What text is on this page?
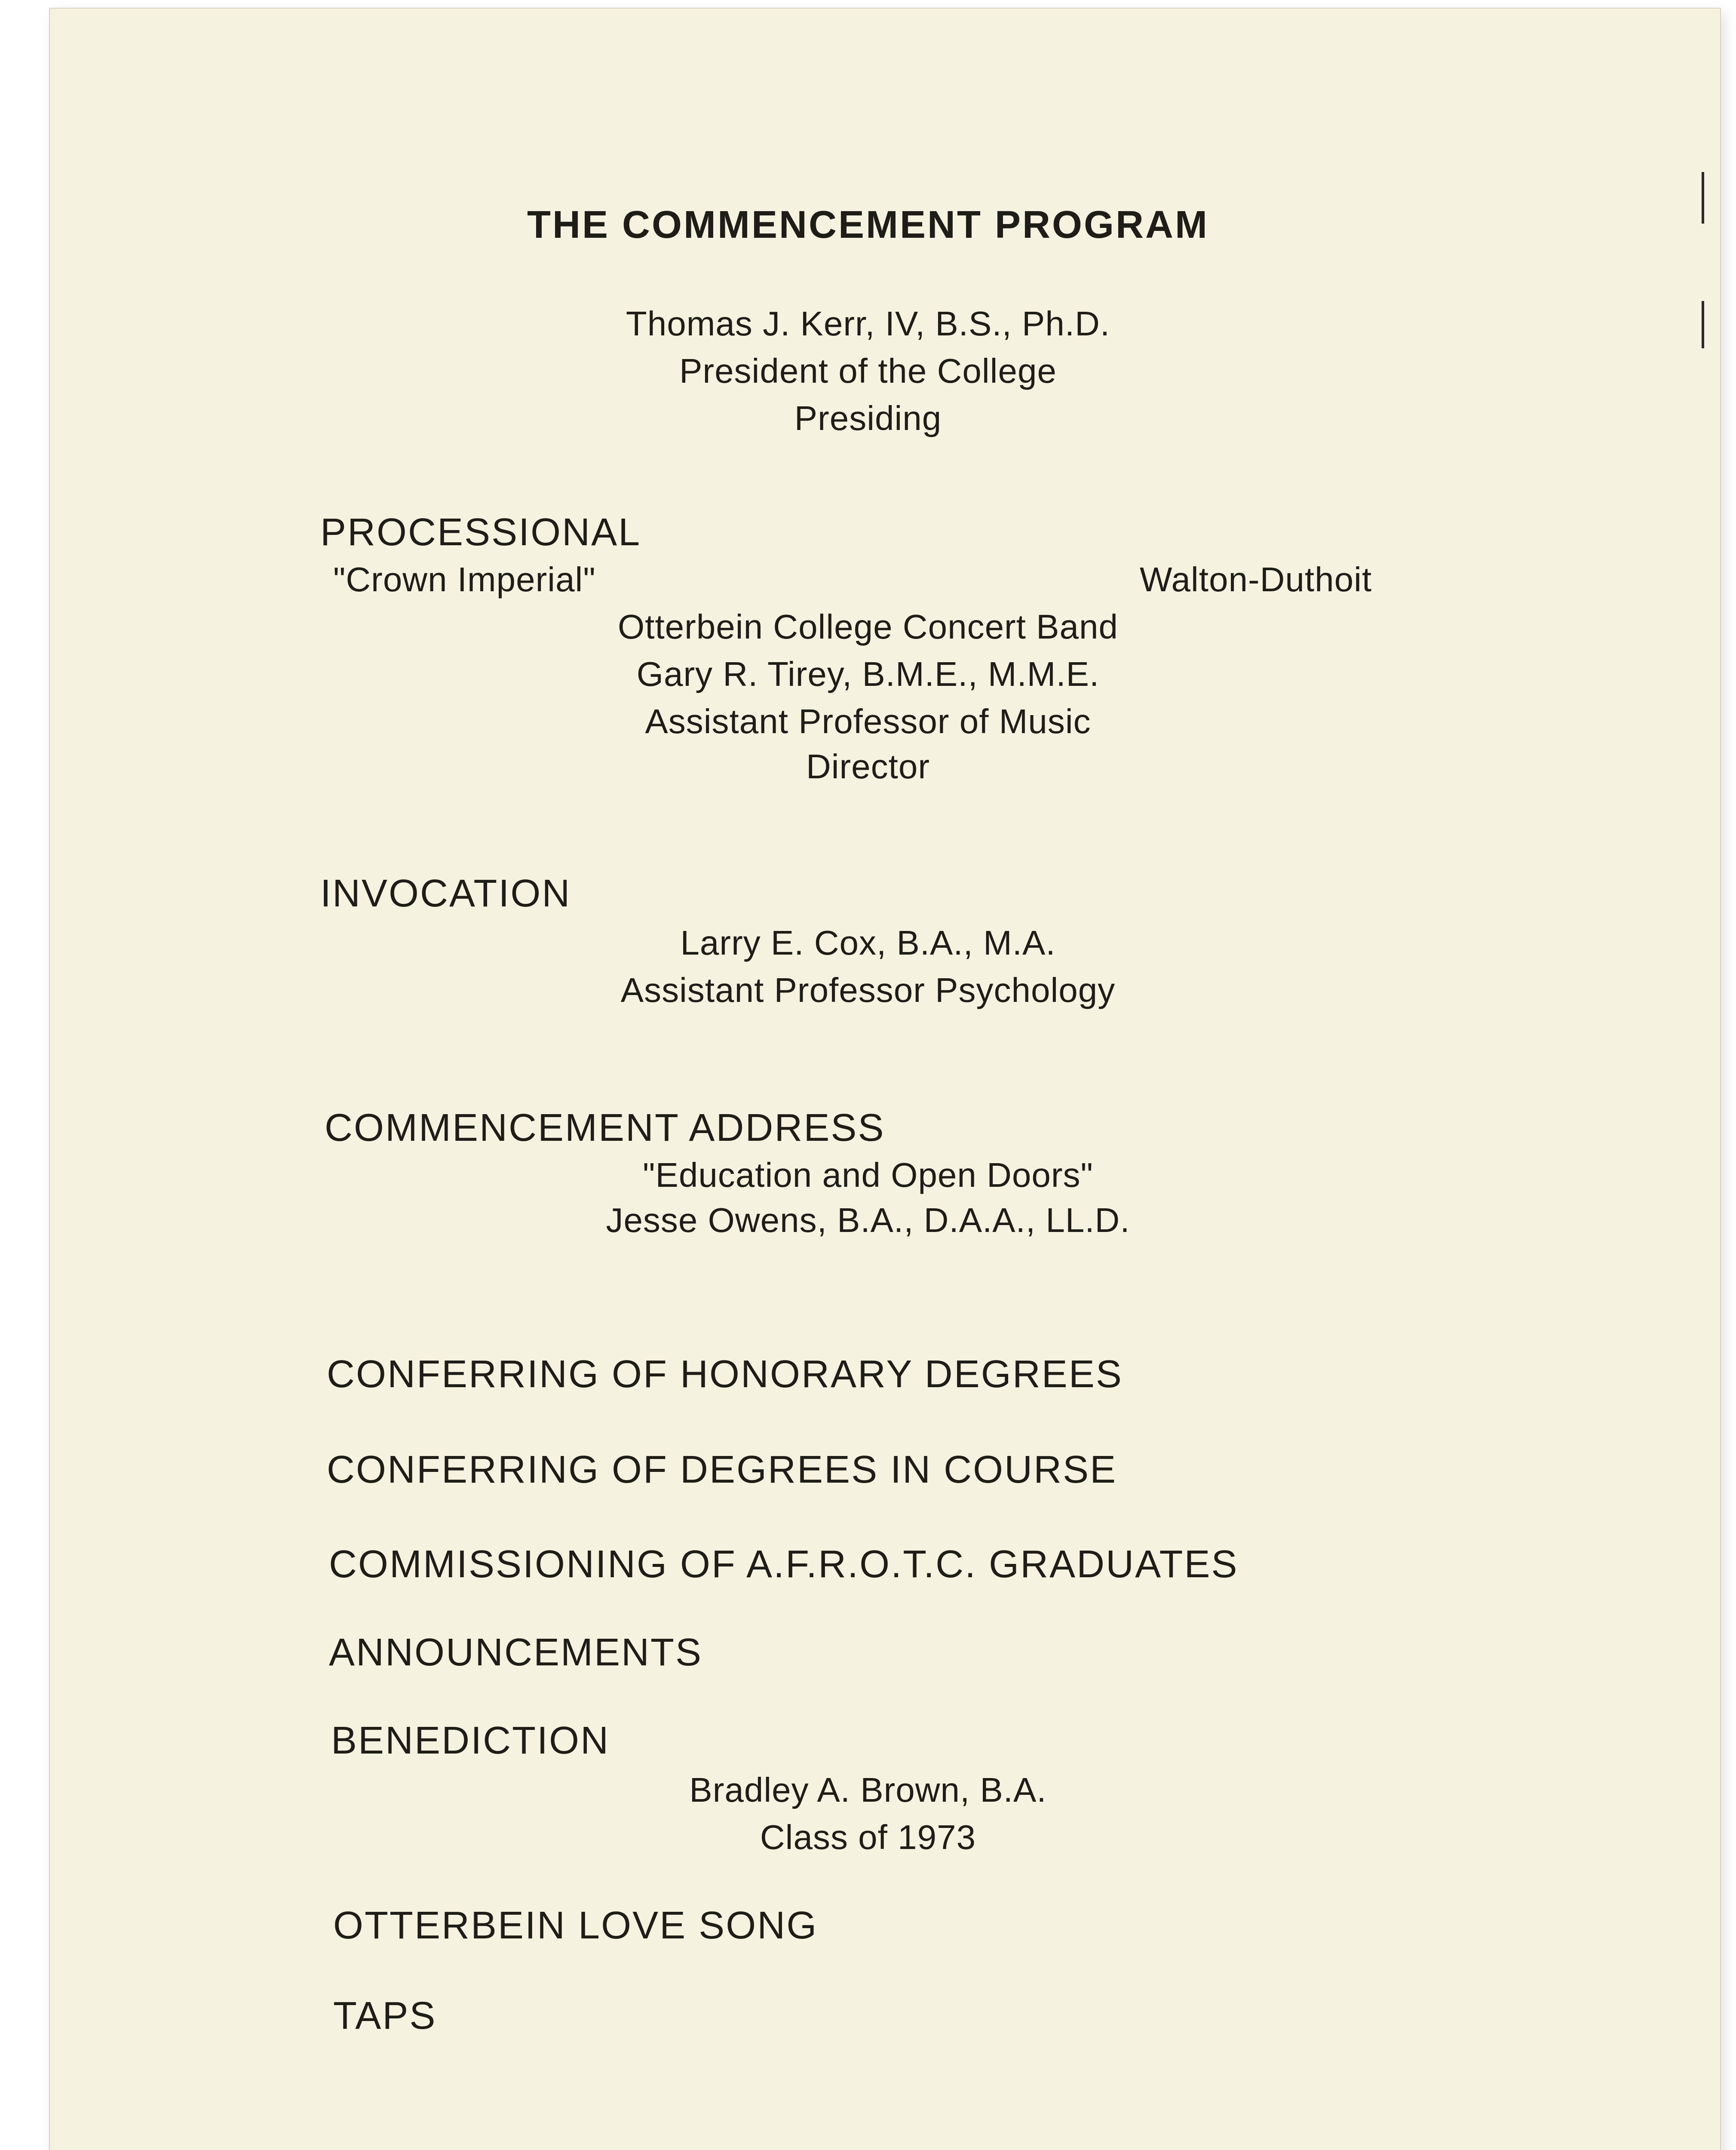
THE COMMENCEMENT PROGRAM
Thomas J. Kerr, IV, B.S., Ph.D.
President of the College
Presiding
PROCESSIONAL
"Crown Imperial"	Walton-Duthoit
Otterbein College Concert Band
Gary R. Tirey, B.M.E., M.M.E.
Assistant Professor of Music
Director
INVOCATION
Larry E. Cox, B.A., M.A.
Assistant Professor Psychology
COMMENCEMENT ADDRESS
"Education and Open Doors"
Jesse Owens, B.A., D.A.A., LL.D.
CONFERRING OF HONORARY DEGREES
CONFERRING OF DEGREES IN COURSE
COMMISSIONING OF A.F.R.O.T.C. GRADUATES
ANNOUNCEMENTS
BENEDICTION
Bradley A. Brown, B.A.
Class of 1973
OTTERBEIN LOVE SONG
TAPS
